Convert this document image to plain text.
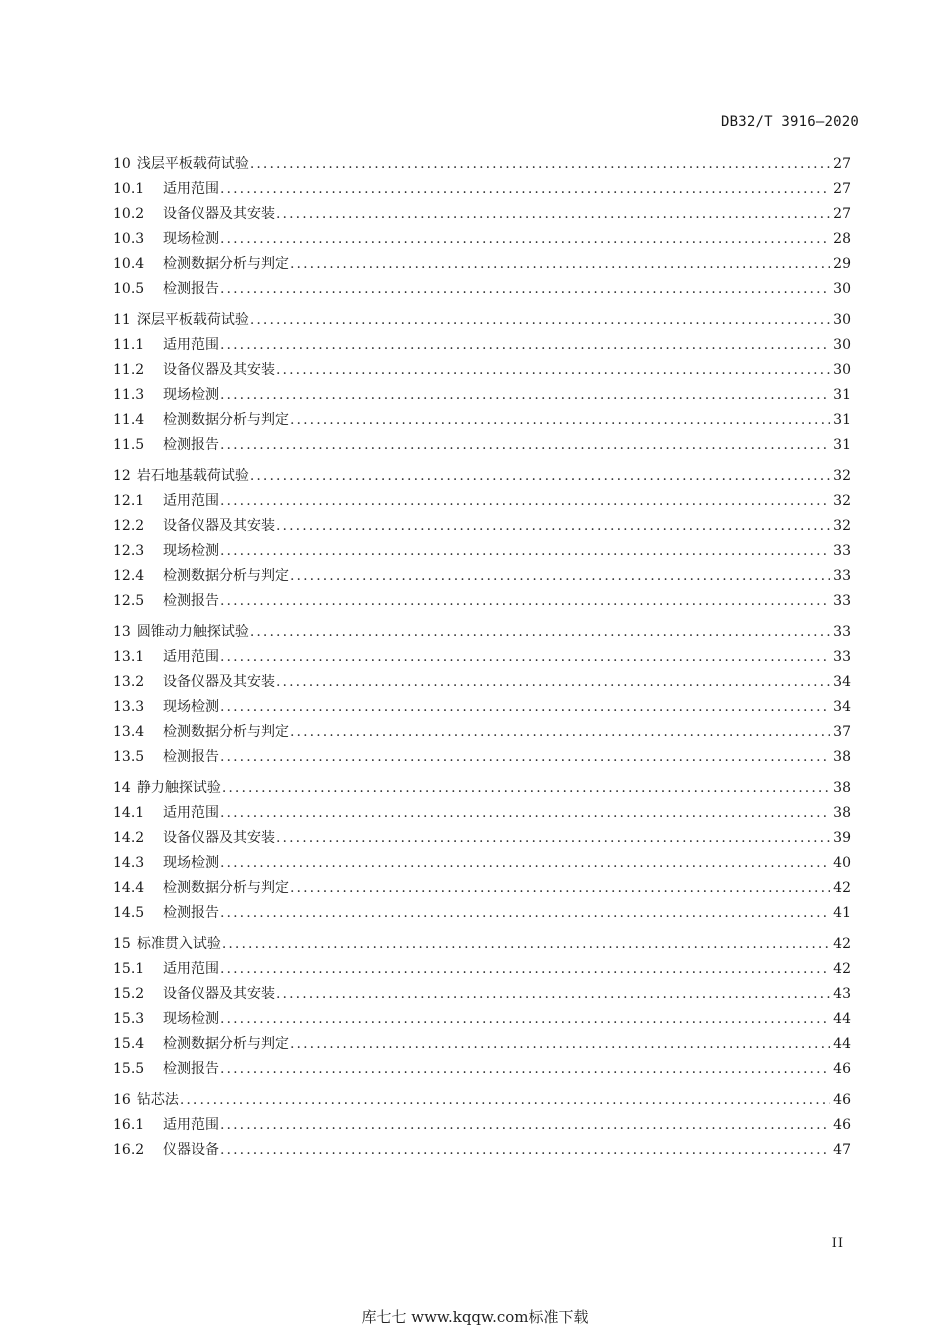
DB32/T 3916—2020
10 浅层平板载荷试验 .....	27
10.1	适用范围 .....	27
10.2	设备仪器及其安装 .....	27
10.3	现场检测 .....	28
10.4	检测数据分析与判定 .....	29
10.5	检测报告 .....	30
11 深层平板载荷试验 .....	30
11.1	适用范围 .....	30
11.2	设备仪器及其安装 .....	30
11.3	现场检测 .....	31
11.4	检测数据分析与判定 .....	31
11.5	检测报告 .....	31
12 岩石地基载荷试验 .....	32
12.1	适用范围 .....	32
12.2	设备仪器及其安装 .....	32
12.3	现场检测 .....	33
12.4	检测数据分析与判定 .....	33
12.5	检测报告 .....	33
13 圆锥动力触探试验 .....	33
13.1	适用范围 .....	33
13.2	设备仪器及其安装 .....	34
13.3	现场检测 .....	34
13.4	检测数据分析与判定 .....	37
13.5	检测报告 .....	38
14 静力触探试验 .....	38
14.1	适用范围 .....	38
14.2	设备仪器及其安装 .....	39
14.3	现场检测 .....	40
14.4	检测数据分析与判定 .....	42
14.5	检测报告 .....	41
15 标准贯入试验 .....	42
15.1	适用范围 .....	42
15.2	设备仪器及其安装 .....	43
15.3	现场检测 .....	44
15.4	检测数据分析与判定 .....	44
15.5	检测报告 .....	46
16 钻芯法 .....	46
16.1	适用范围 .....	46
16.2	仪器设备 .....	47
II
库七七 www.kqqw.com标准下载
